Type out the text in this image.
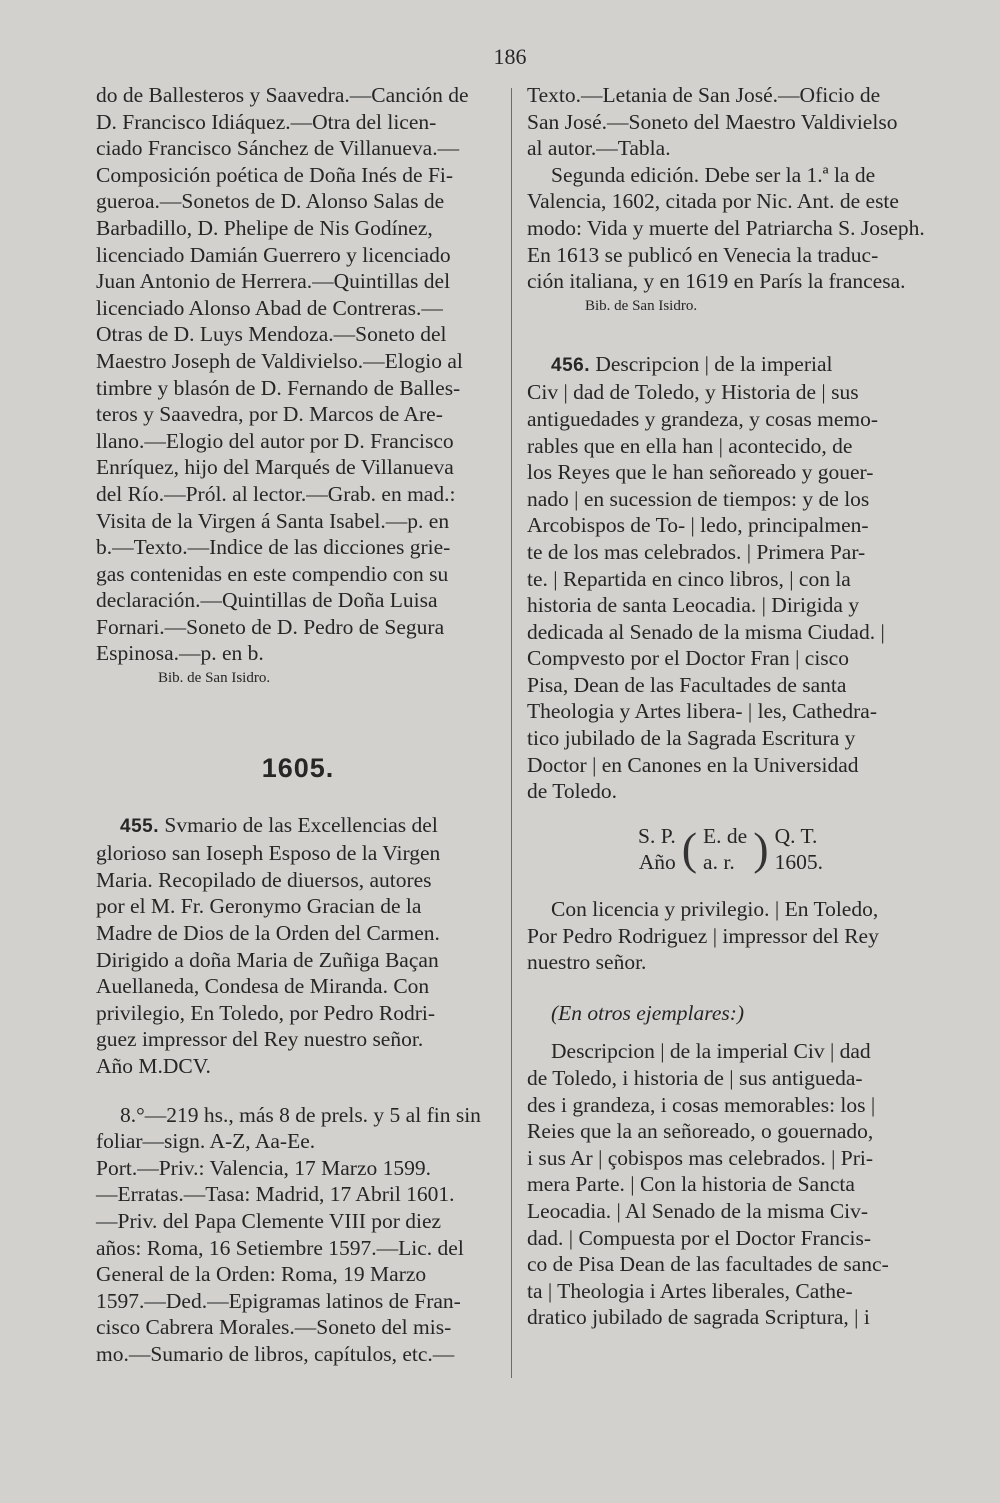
186
do de Ballesteros y Saavedra.—Canción de
D. Francisco Idiáquez.—Otra del licen-
ciado Francisco Sánchez de Villanueva.—
Composición poética de Doña Inés de Fi-
gueroa.—Sonetos de D. Alonso Salas de
Barbadillo, D. Phelipe de Nis Godínez,
licenciado Damián Guerrero y licenciado
Juan Antonio de Herrera.—Quintillas del
licenciado Alonso Abad de Contreras.—
Otras de D. Luys Mendoza.—Soneto del
Maestro Joseph de Valdivielso.—Elogio al
timbre y blasón de D. Fernando de Balles-
teros y Saavedra, por D. Marcos de Are-
llano.—Elogio del autor por D. Francisco
Enríquez, hijo del Marqués de Villanueva
del Río.—Pról. al lector.—Grab. en mad.:
Visita de la Virgen á Santa Isabel.—p. en
b.—Texto.—Indice de las dicciones grie-
gas contenidas en este compendio con su
declaración.—Quintillas de Doña Luisa
Fornari.—Soneto de D. Pedro de Segura
Espinosa.—p. en b.

Bib. de San Isidro.

1605.
455. Svmario de las Excellencias del
glorioso san Ioseph Esposo de la Virgen
Maria. Recopilado de diuersos, autores
por el M. Fr. Geronymo Gracian de la
Madre de Dios de la Orden del Carmen.
Dirigido a doña Maria de Zuñiga Baçan
Auellaneda, Condesa de Miranda. Con
privilegio, En Toledo, por Pedro Rodri-
guez impressor del Rey nuestro señor.
Año M.DCV.
8.°—219 hs., más 8 de prels. y 5 al fin sin
foliar—sign. A-Z, Aa-Ee.
Port.—Priv.: Valencia, 17 Marzo 1599.
—Erratas.—Tasa: Madrid, 17 Abril 1601.
—Priv. del Papa Clemente VIII por diez
años: Roma, 16 Setiembre 1597.—Lic. del
General de la Orden: Roma, 19 Marzo
1597.—Ded.—Epigramas latinos de Fran-
cisco Cabrera Morales.—Soneto del mis-
mo.—Sumario de libros, capítulos, etc.—
Texto.—Letania de San José.—Oficio de
San José.—Soneto del Maestro Valdivielso
al autor.—Tabla.
Segunda edición. Debe ser la 1.ª la de
Valencia, 1602, citada por Nic. Ant. de este
modo: Vida y muerte del Patriarcha S. Joseph.
En 1613 se publicó en Venecia la traduc-
ción italiana, y en 1619 en París la francesa.

Bib. de San Isidro.

456. Descripcion | de la imperial
Civ | dad de Toledo, y Historia de | sus
antiguedades y grandeza, y cosas memo-
rables que en ella han | acontecido, de
los Reyes que le han señoreado y gouer-
nado | en sucession de tiempos: y de los
Arcobispos de To- | ledo, principalmen-
te de los mas celebrados. | Primera Par-
te. | Repartida en cinco libros, | con la
historia de santa Leocadia. | Dirigida y
dedicada al Senado de la misma Ciudad. |
Compvesto por el Doctor Fran | cisco
Pisa, Dean de las Facultades de santa
Theologia y Artes libera- | les, Cathedra-
tico jubilado de la Sagrada Escritura y
Doctor | en Canones en la Universidad
de Toledo.
S. P.
Año ( E. de
a. r. ) Q. T.
1605.
Con licencia y privilegio. | En Toledo,
Por Pedro Rodriguez | impressor del Rey
nuestro señor.

(En otros ejemplares:)

Descripcion | de la imperial Civ | dad
de Toledo, i historia de | sus antigueda-
des i grandeza, i cosas memorables: los |
Reies que la an señoreado, o gouernado,
i sus Ar | çobispos mas celebrados. | Pri-
mera Parte. | Con la historia de Sancta
Leocadia. | Al Senado de la misma Civ-
dad. | Compuesta por el Doctor Francis-
co de Pisa Dean de las facultades de sanc-
ta | Theologia i Artes liberales, Cathe-
dratico jubilado de sagrada Scriptura, | i
